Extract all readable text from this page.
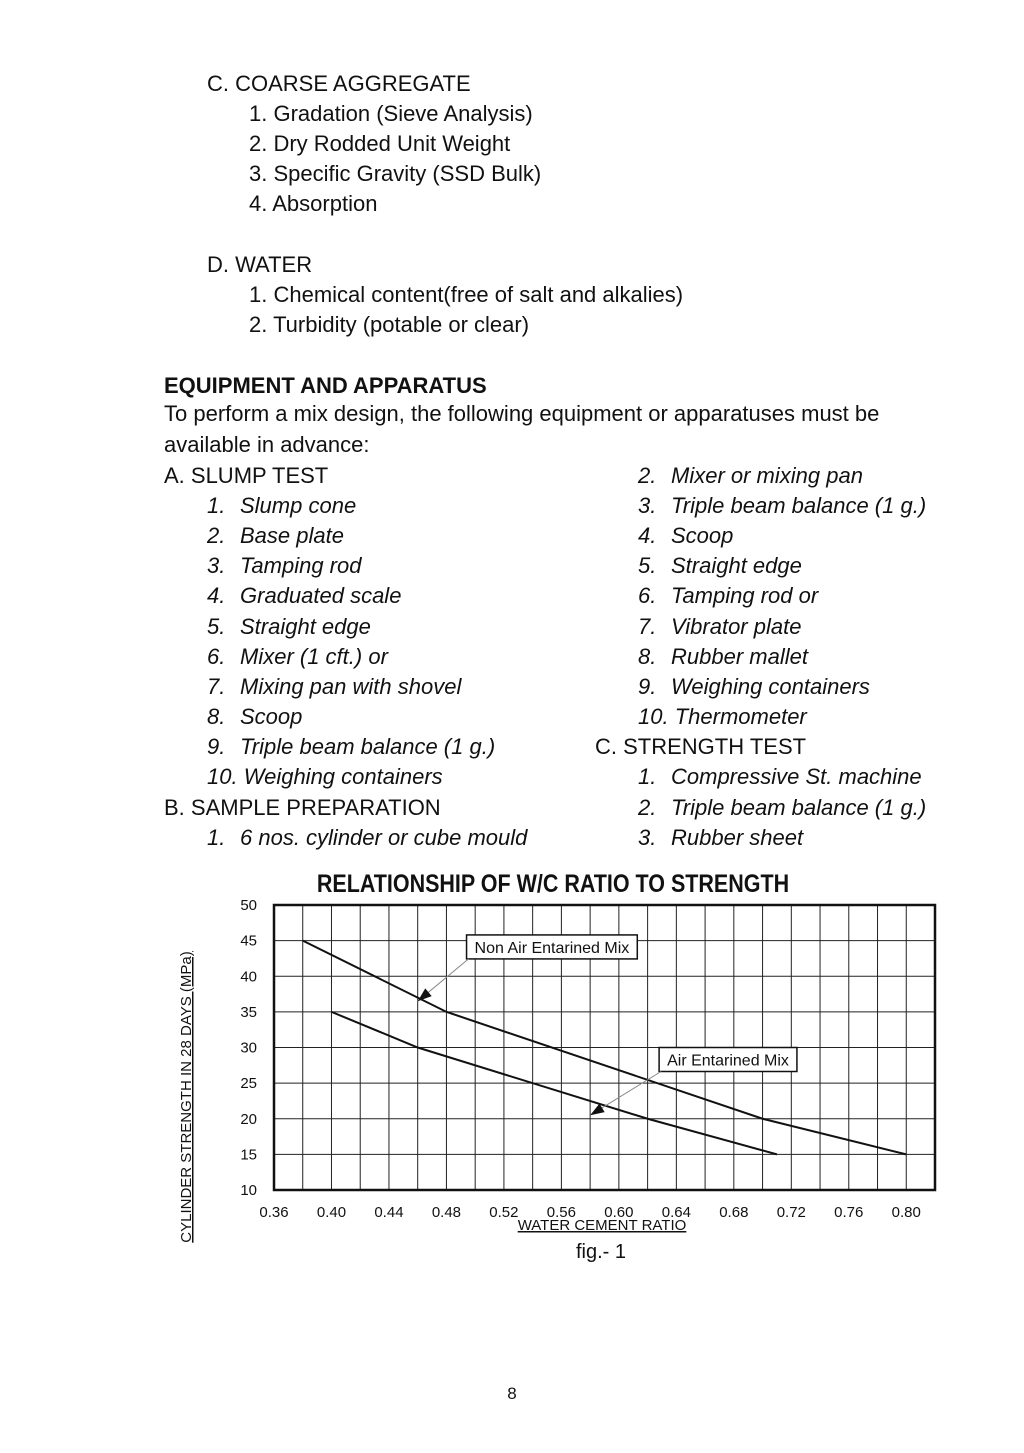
C. COARSE AGGREGATE

1. Gradation (Sieve Analysis)

2. Dry Rodded Unit Weight

3. Specific Gravity (SSD Bulk)

4. Absorption

D. WATER

1. Chemical content(free of salt and alkalies)

2. Turbidity (potable or clear)

EQUIPMENT AND APPARATUS

To perform a mix design, the following equipment or apparatuses must be

available in advance:

A. SLUMP TEST

1. Slump cone

2. Base plate

3. Tamping rod

4. Graduated scale

5. Straight edge

6. Mixer (1 cft.) or

7. Mixing pan with shovel

8. Scoop

9. Triple beam balance (1 g.)

10. Weighing containers

B. SAMPLE PREPARATION

1. 6 nos. cylinder or cube mould

2. Mixer or mixing pan

3. Triple beam balance (1 g.)

4. Scoop

5. Straight edge

6. Tamping rod or

7. Vibrator plate

8. Rubber mallet

9. Weighing containers

10. Thermometer

C. STRENGTH TEST

1. Compressive St. machine

2. Triple beam balance (1 g.)

3. Rubber sheet

RELATIONSHIP OF W/C RATIO TO STRENGTH
0.36 0.40 0.44 0.48 0.52 0.56 0.60 0.64 0.68 0.72 0.76 0.80
10
15
20
25
30
35
40
45
50
Non Air Entarined Mix
Air Entarined Mix
WATER CEMENT RATIO
CYLINDER STRENGTH IN 28 DAYS (MPa)
fig.- 1
8
